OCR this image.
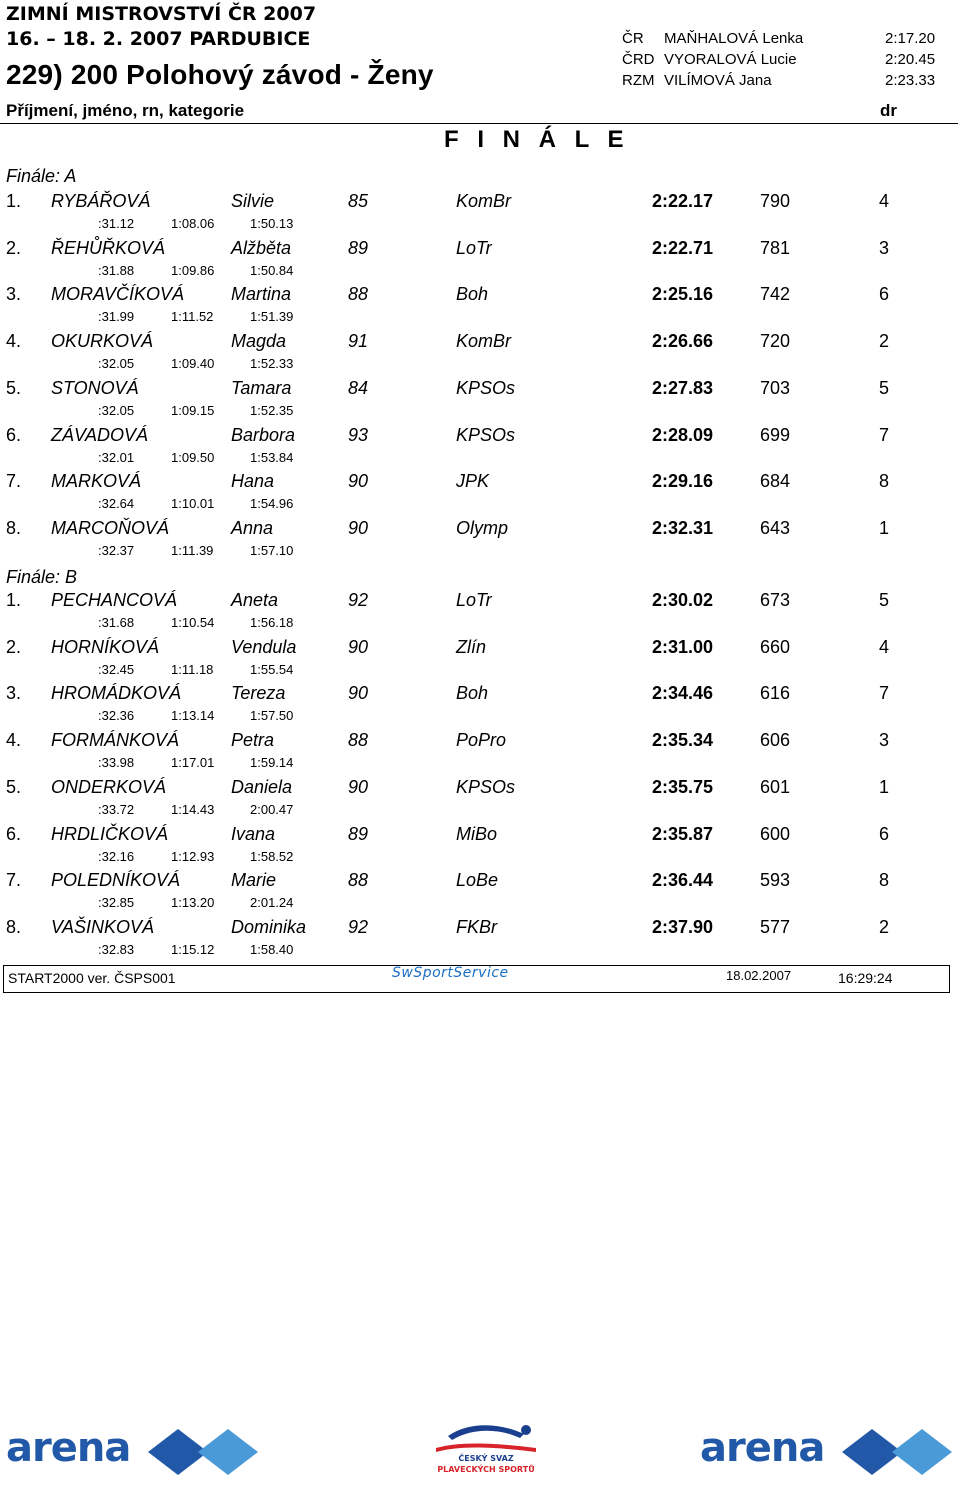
ZIMNÍ MISTROVSTVÍ ČR 2007
16. – 18. 2. 2007 PARDUBICE
229) 200 Polohový závod - Ženy
ČR MAŇHALOVÁ Lenka	2:17.20
ČRD VYORALOVÁ Lucie	2:20.45
RZM VILÍMOVÁ Jana	2:23.33
Příjmení, jméno, rn, kategorie	dr
F I N Á L E
Finále: A
1. RYBÁŘOVÁ	Silvie	85	KomBr	2:22.17	790	4
:31.12	1:08.06	1:50.13
2. ŘEHŮŘKOVÁ	Alžběta	89	LoTr	2:22.71	781	3
:31.88	1:09.86	1:50.84
3. MORAVČÍKOVÁ	Martina	88	Boh	2:25.16	742	6
:31.99	1:11.52	1:51.39
4. OKURKOVÁ	Magda	91	KomBr	2:26.66	720	2
:32.05	1:09.40	1:52.33
5. STONOVÁ	Tamara	84	KPSOs	2:27.83	703	5
:32.05	1:09.15	1:52.35
6. ZÁVADOVÁ	Barbora	93	KPSOs	2:28.09	699	7
:32.01	1:09.50	1:53.84
7. MARKOVÁ	Hana	90	JPK	2:29.16	684	8
:32.64	1:10.01	1:54.96
8. MARCOŇOVÁ	Anna	90	Olymp	2:32.31	643	1
:32.37	1:11.39	1:57.10
Finále: B
1. PECHANCOVÁ	Aneta	92	LoTr	2:30.02	673	5
:31.68	1:10.54	1:56.18
2. HORNÍKOVÁ	Vendula	90	Zlín	2:31.00	660	4
:32.45	1:11.18	1:55.54
3. HROMÁDKOVÁ	Tereza	90	Boh	2:34.46	616	7
:32.36	1:13.14	1:57.50
4. FORMÁNKOVÁ	Petra	88	PoPro	2:35.34	606	3
:33.98	1:17.01	1:59.14
5. ONDERKOVÁ	Daniela	90	KPSOs	2:35.75	601	1
:33.72	1:14.43	2:00.47
6. HRDLIČKOVÁ	Ivana	89	MiBo	2:35.87	600	6
:32.16	1:12.93	1:58.52
7. POLEDNÍKOVÁ	Marie	88	LoBe	2:36.44	593	8
:32.85	1:13.20	2:01.24
8. VAŠINKOVÁ	Dominika 92	FKBr	2:37.90	577	2
:32.83	1:15.12	1:58.40
START2000 ver. ČSPS001	SwSportService	18.02.2007	16:29:24
arena	ČESKÝ SVAZ
PLAVECKÝCH SPORTŮ	arena
